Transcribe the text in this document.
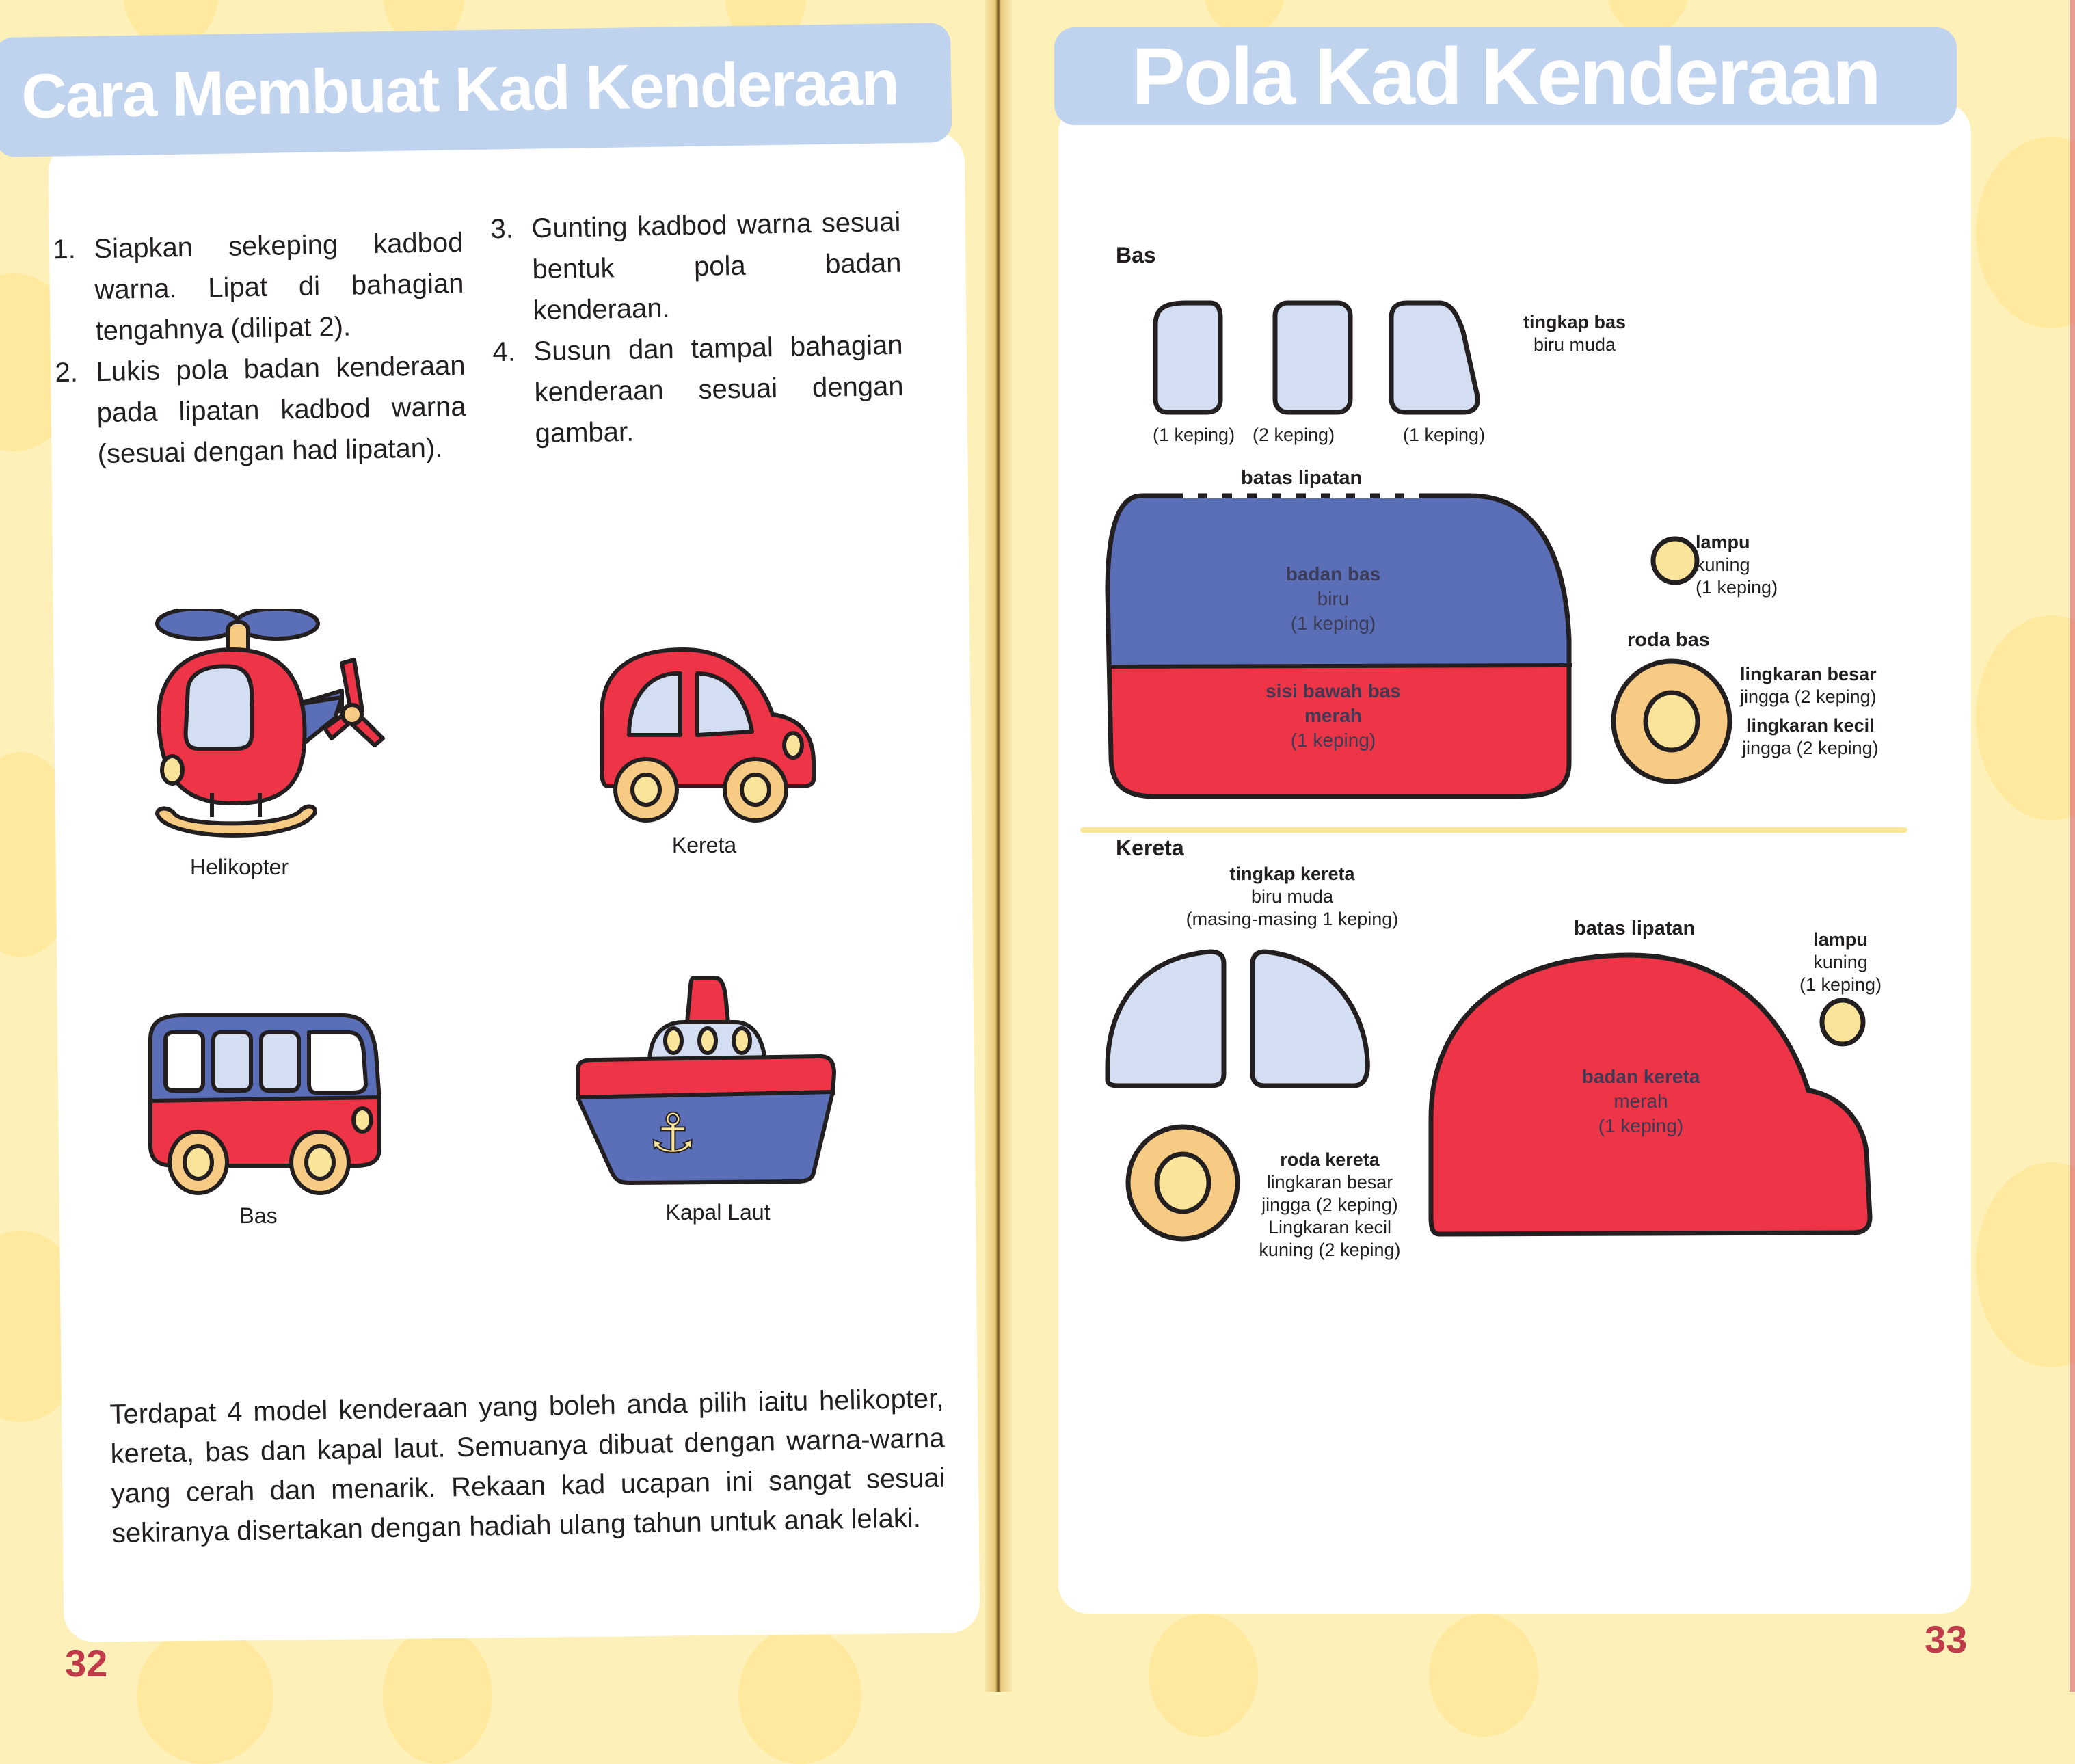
Cara Membuat Kad Kenderaan
1. Siapkan sekeping kadbod warna. Lipat di bahagian tengahnya (dilipat 2).
2. Lukis pola badan kenderaan pada lipatan kadbod warna (sesuai dengan had lipatan).
3. Gunting kadbod warna sesuai bentuk pola badan kenderaan.
4. Susun dan tampal bahagian kenderaan sesuai dengan gambar.
Helikopter
Kereta
Bas
⚓
Kapal Laut
Terdapat 4 model kenderaan yang boleh anda pilih iaitu helikopter, kereta, bas dan kapal laut. Semuanya dibuat dengan warna-warna yang cerah dan menarik. Rekaan kad ucapan ini sangat sesuai sekiranya disertakan dengan hadiah ulang tahun untuk anak lelaki.
32
Pola Kad Kenderaan
Bas
(1 keping) (2 keping)	(1 keping)
tingkap bas
biru muda
batas lipatan
badan bas
biru
(1 keping)
sisi bawah bas
merah
(1 keping)
lampu
kuning
(1 keping)
roda bas
lingkaran besar
jingga (2 keping)
lingkaran kecil
jingga (2 keping)
Kereta
tingkap kereta
biru muda
(masing-masing 1 keping)
roda kereta
lingkaran besar
jingga (2 keping)
Lingkaran kecil
kuning (2 keping)
batas lipatan
badan kereta
merah
(1 keping)
lampu
kuning
(1 keping)
33
